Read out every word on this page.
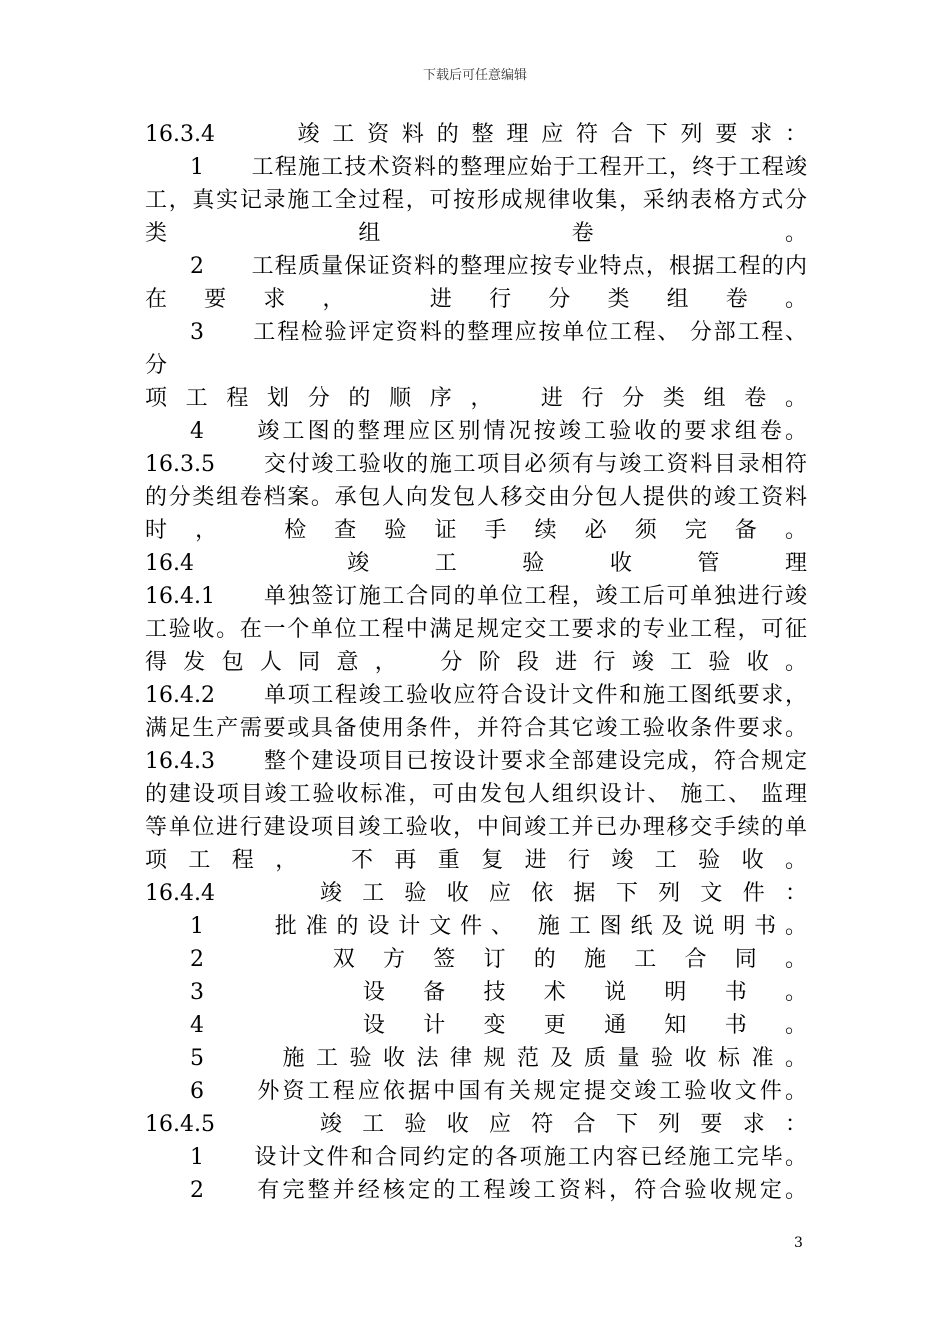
下载后可任意编辑
16.3.4　　竣工资料的整理应符合下列要求：
1　　工程施工技术资料的整理应始于工程开工，终于工程竣
工，真实记录施工全过程，可按形成规律收集，采纳表格方式分
类　组　卷　。
2　　工程质量保证资料的整理应按专业特点，根据工程的内
在要求，　进行分类组卷。
3　　工程检验评定资料的整理应按单位工程、 分部工程、
分
项工程划分的顺序，　进行分类组卷。
4　　竣工图的整理应区别情况按竣工验收的要求组卷。
16.3.5　　交付竣工验收的施工项目必须有与竣工资料目录相符
的分类组卷档案。承包人向发包人移交由分包人提供的竣工资料
时，　检查验证手续必须完备。
16.4　竣工验收管理
16.4.1　　单独签订施工合同的单位工程，竣工后可单独进行竣
工验收。在一个单位工程中满足规定交工要求的专业工程，可征
得发包人同意，　分阶段进行竣工验收。
16.4.2　　单项工程竣工验收应符合设计文件和施工图纸要求，
满足生产需要或具备使用条件，并符合其它竣工验收条件要求。
16.4.3　　整个建设项目已按设计要求全部建设完成，符合规定
的建设项目竣工验收标准，可由发包人组织设计、 施工、 监理
等单位进行建设项目竣工验收，中间竣工并已办理移交手续的单
项工程，　不再重复进行竣工验收。
16.4.4　　竣工验收应依据下列文件：
1　　批准的设计文件、 施工图纸及说明书。
2　　双方签订的施工合同。
3　　设备技术说明书。
4　　设计变更通知书。
5　　施工验收法律规范及质量验收标准。
6　　外资工程应依据中国有关规定提交竣工验收文件。
16.4.5　　竣工验收应符合下列要求：
1　　设计文件和合同约定的各项施工内容已经施工完毕。
2　　有完整并经核定的工程竣工资料，符合验收规定。
3
